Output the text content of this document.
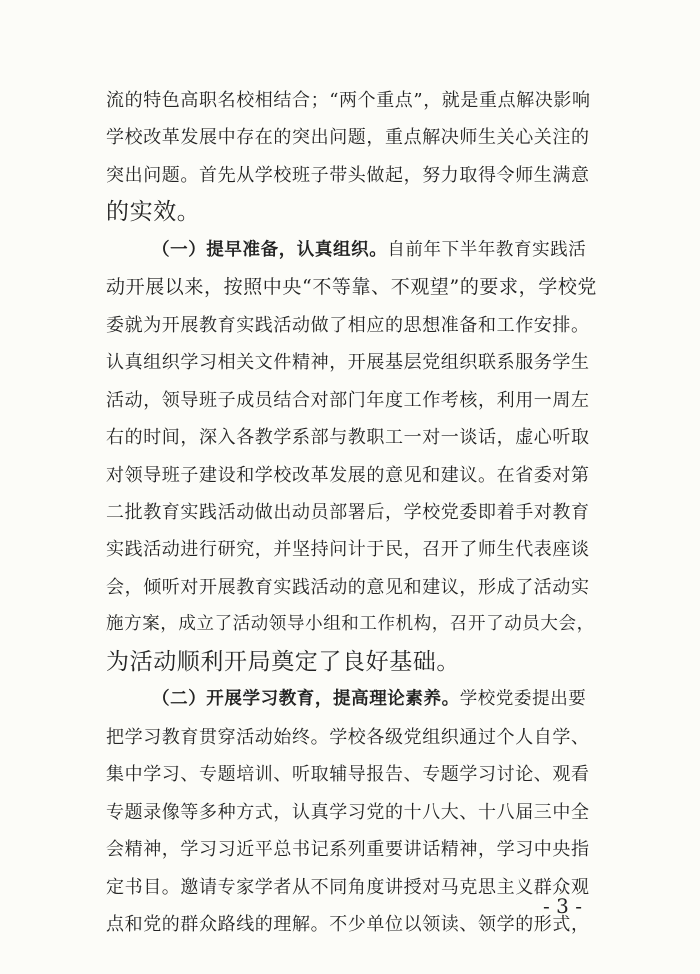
流的特色高职名校相结合；“两个重点”，就是重点解决影响
学校改革发展中存在的突出问题，重点解决师生关心关注的
突出问题。首先从学校班子带头做起，努力取得令师生满意
的实效。
（一）提早准备，认真组织。自前年下半年教育实践活
动开展以来，按照中央“不等靠、不观望”的要求，学校党
委就为开展教育实践活动做了相应的思想准备和工作安排。
认真组织学习相关文件精神，开展基层党组织联系服务学生
活动，领导班子成员结合对部门年度工作考核，利用一周左
右的时间，深入各教学系部与教职工一对一谈话，虚心听取
对领导班子建设和学校改革发展的意见和建议。在省委对第
二批教育实践活动做出动员部署后，学校党委即着手对教育
实践活动进行研究，并坚持问计于民，召开了师生代表座谈
会，倾听对开展教育实践活动的意见和建议，形成了活动实
施方案，成立了活动领导小组和工作机构，召开了动员大会，
为活动顺利开局奠定了良好基础。
（二）开展学习教育，提高理论素养。学校党委提出要
把学习教育贯穿活动始终。学校各级党组织通过个人自学、
集中学习、专题培训、听取辅导报告、专题学习讨论、观看
专题录像等多种方式，认真学习党的十八大、十八届三中全
会精神，学习习近平总书记系列重要讲话精神，学习中央指
定书目。邀请专家学者从不同角度讲授对马克思主义群众观
点和党的群众路线的理解。不少单位以领读、领学的形式，
- 3 -
